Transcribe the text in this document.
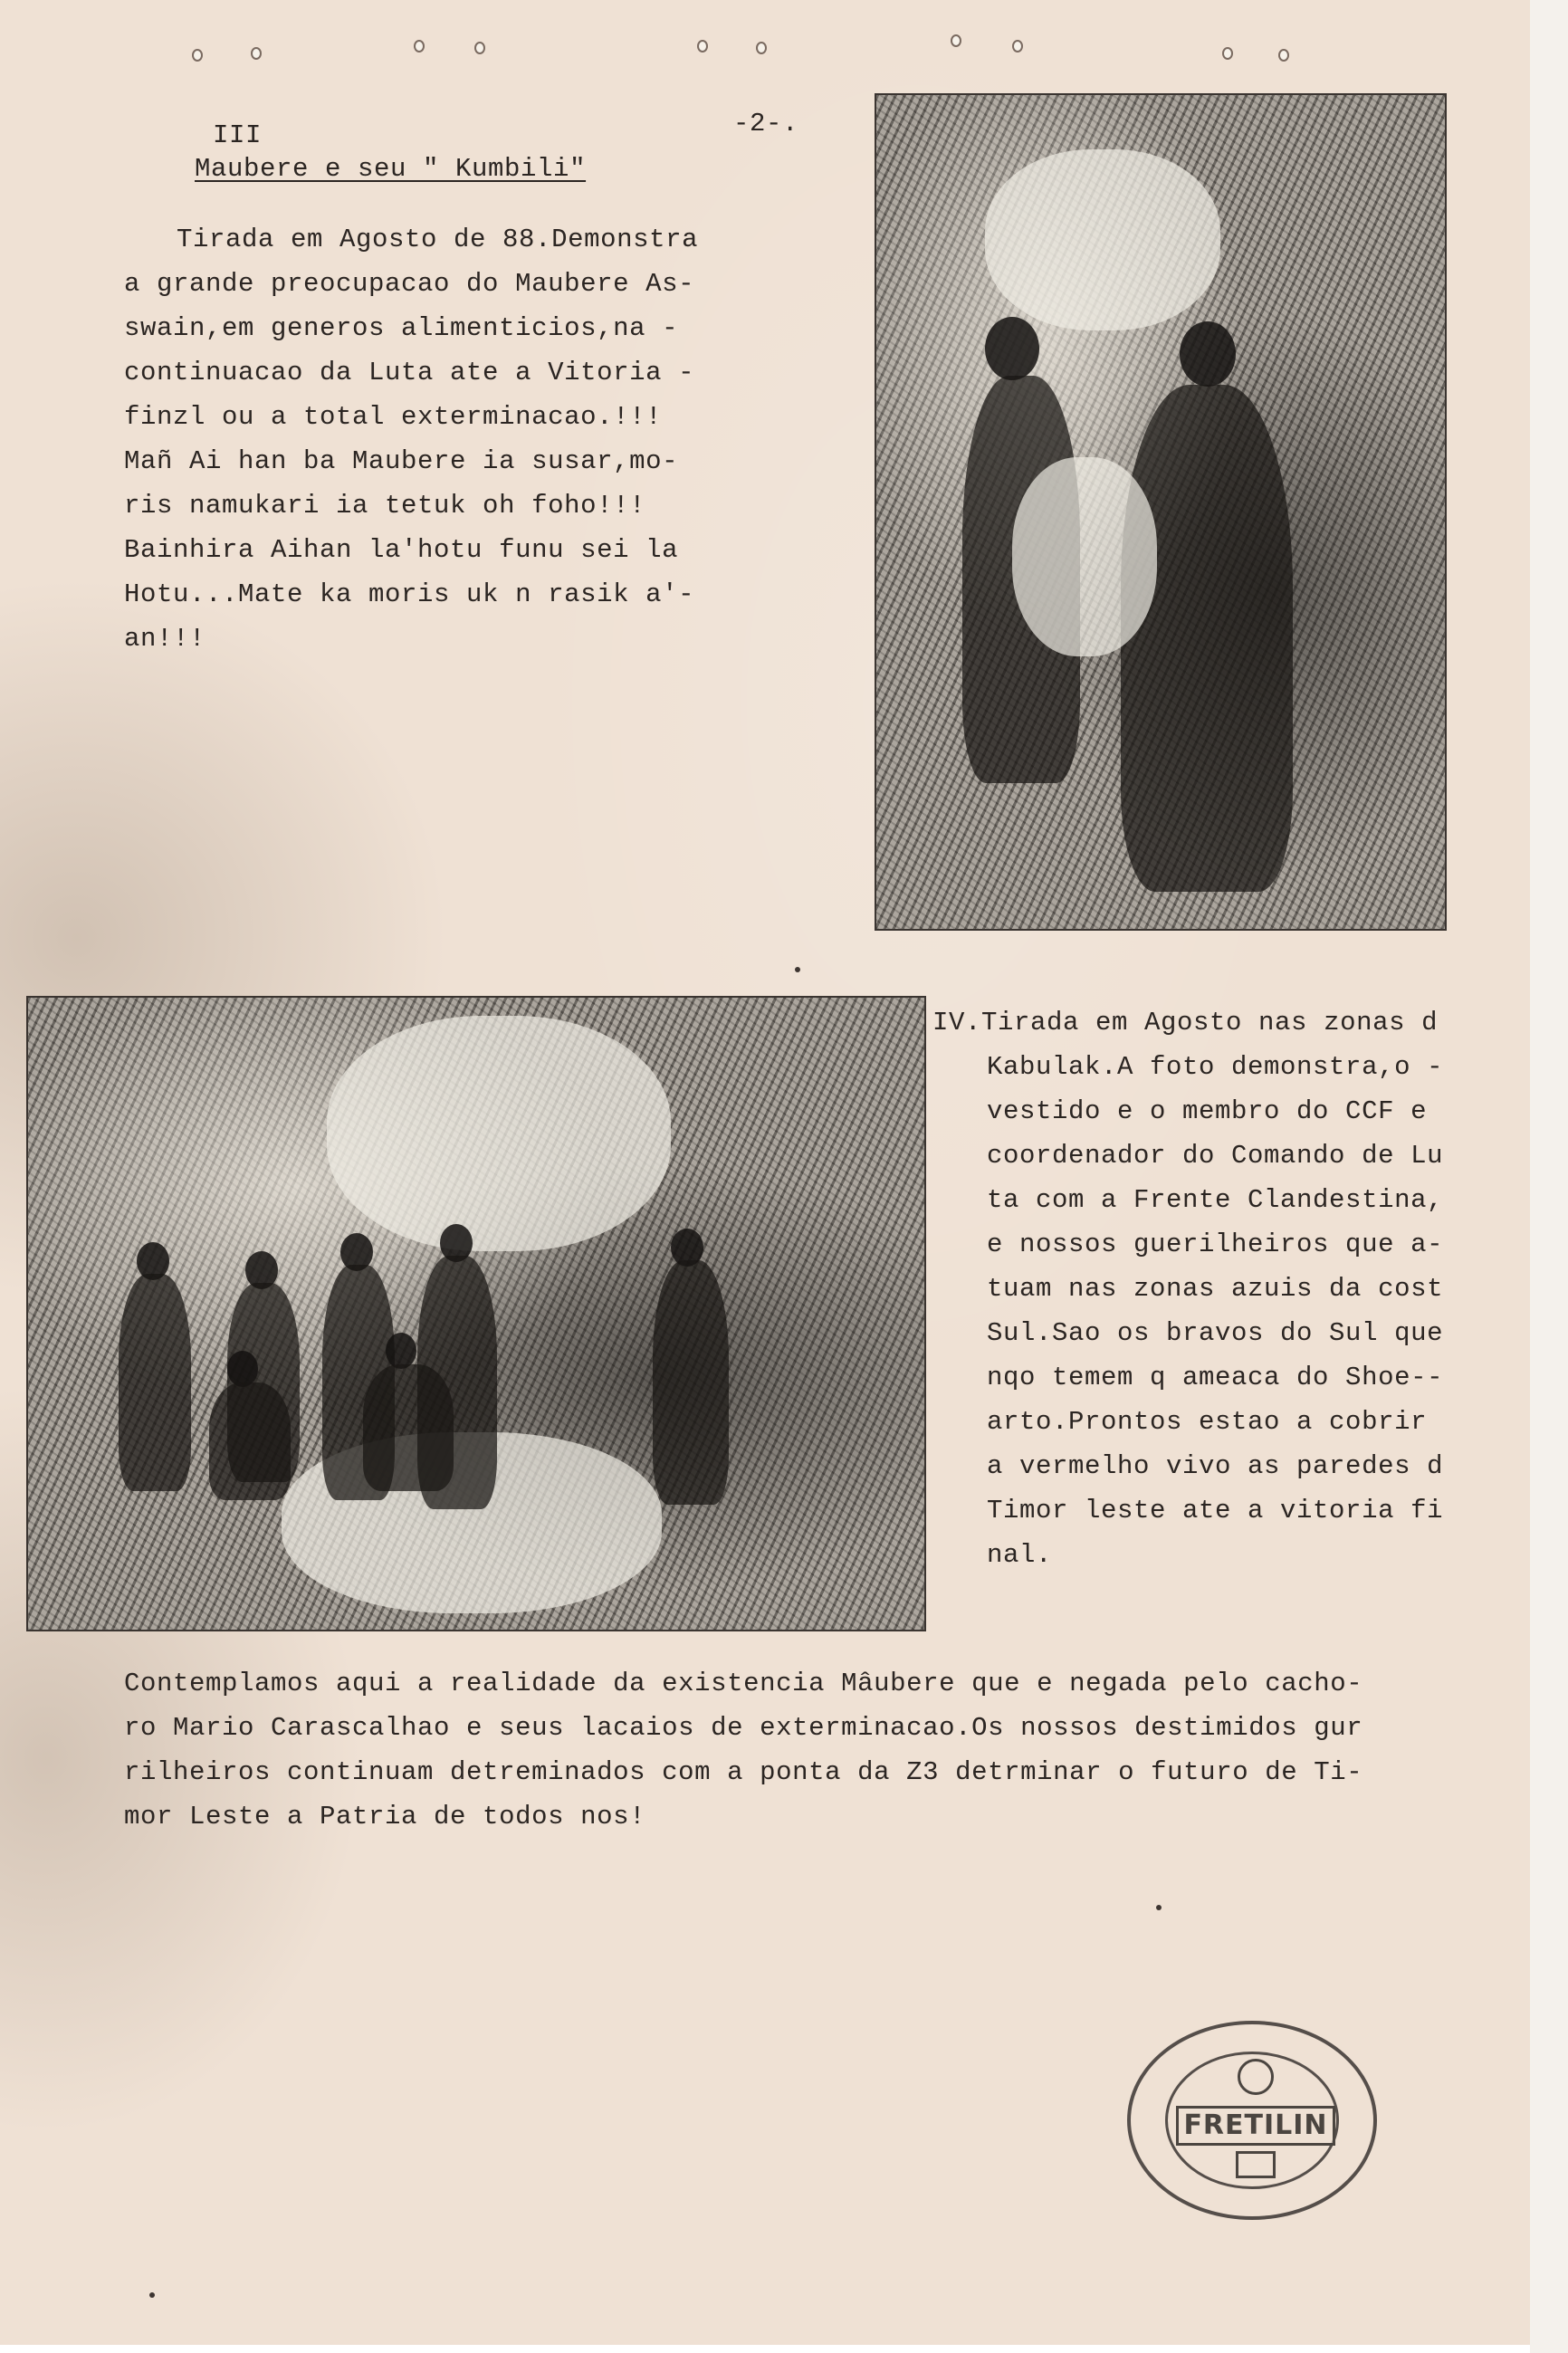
III
Maubere e seu " Kumbili"
-2-.
Tirada em Agosto de 88.Demonstra
a grande preocupacao do Maubere As-
swain,em generos alimenticios,na -
continuacao da Luta ate a Vitoria -
finzl ou a total exterminacao.!!!
Mañ Ai han ba Maubere ia susar,mo-
ris namukari ia tetuk oh foho!!!
Bainhira Aihan la'hotu funu sei la
Hotu...Mate ka moris uk n rasik a'-
an!!!
IV.Tirada em Agosto nas zonas d
Kabulak.A foto demonstra,o -
vestido e o membro do CCF e
coordenador do Comando de Lu
ta com a Frente Clandestina,
e nossos guerilheiros que a-
tuam nas zonas azuis da cost
Sul.Sao os bravos do Sul que
nqo temem q ameaca do Shoe--
arto.Prontos estao a cobrir
a vermelho vivo as paredes d
Timor leste ate a vitoria fi
nal.
Contemplamos aqui a realidade da existencia Mâubere que e negada pelo cacho-
ro Mario Carascalhao e seus lacaios de exterminacao.Os nossos destimidos gur
rilheiros continuam detreminados com a ponta da Z3 detrminar o futuro de Ti-
mor Leste a Patria de todos nos!
FRETILIN
